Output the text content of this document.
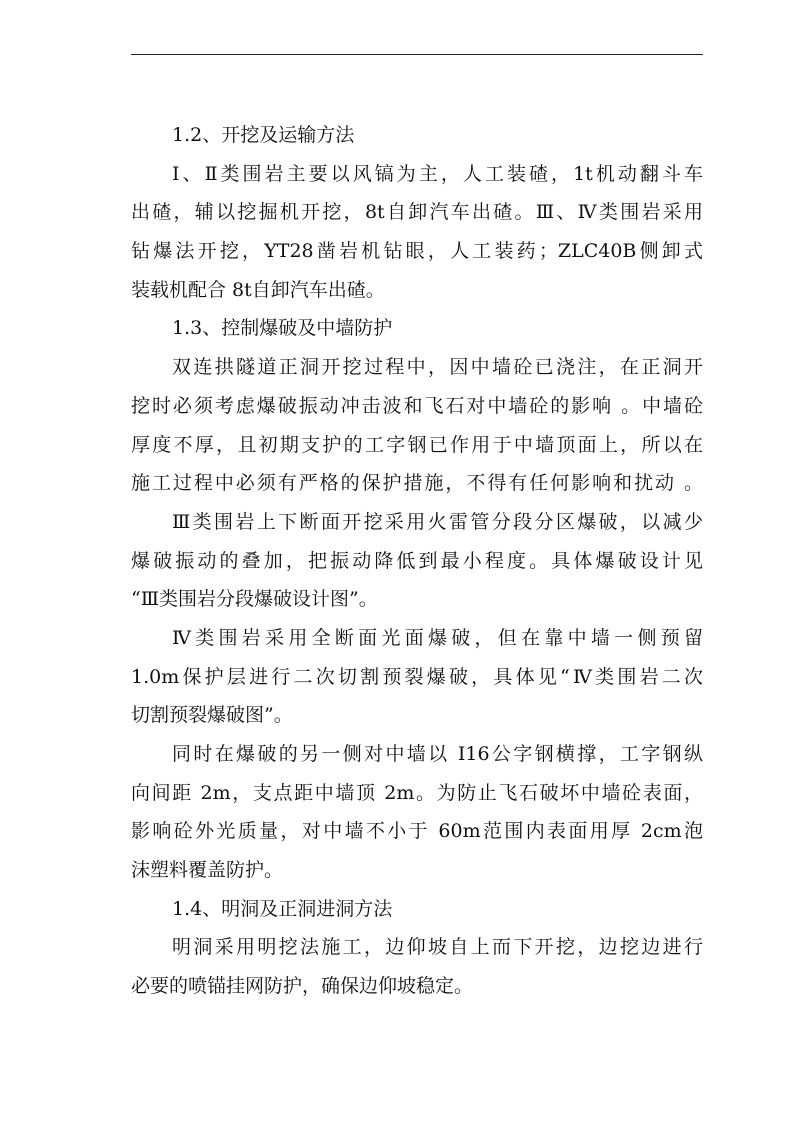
1.2、开挖及运输方法
Ⅰ、Ⅱ类围岩主要以风镐为主，人工装碴，1t机动翻斗车
出碴，辅以挖掘机开挖，8t自卸汽车出碴。Ⅲ、Ⅳ类围岩采用
钻爆法开挖，YT28凿岩机钻眼，人工装药；ZLC40B侧卸式
装载机配合 8t自卸汽车出碴。
1.3、控制爆破及中墙防护
双连拱隧道正洞开挖过程中，因中墙砼已浇注，在正洞开
挖时必须考虑爆破振动冲击波和飞石对中墙砼的影响 。中墙砼
厚度不厚，且初期支护的工字钢已作用于中墙顶面上，所以在
施工过程中必须有严格的保护措施，不得有任何影响和扰动 。
Ⅲ类围岩上下断面开挖采用火雷管分段分区爆破，以减少
爆破振动的叠加，把振动降低到最小程度。具体爆破设计见
“Ⅲ类围岩分段爆破设计图”。
Ⅳ类围岩采用全断面光面爆破，但在靠中墙一侧预留
1.0m保护层进行二次切割预裂爆破，具体见“Ⅳ类围岩二次
切割预裂爆破图”。
同时在爆破的另一侧对中墙以 I16公字钢横撑，工字钢纵
向间距 2m，支点距中墙顶 2m。为防止飞石破坏中墙砼表面，
影响砼外光质量，对中墙不小于 60m范围内表面用厚 2cm泡
沫塑料覆盖防护。
1.4、明洞及正洞进洞方法
明洞采用明挖法施工，边仰坡自上而下开挖，边挖边进行
必要的喷锚挂网防护，确保边仰坡稳定。
